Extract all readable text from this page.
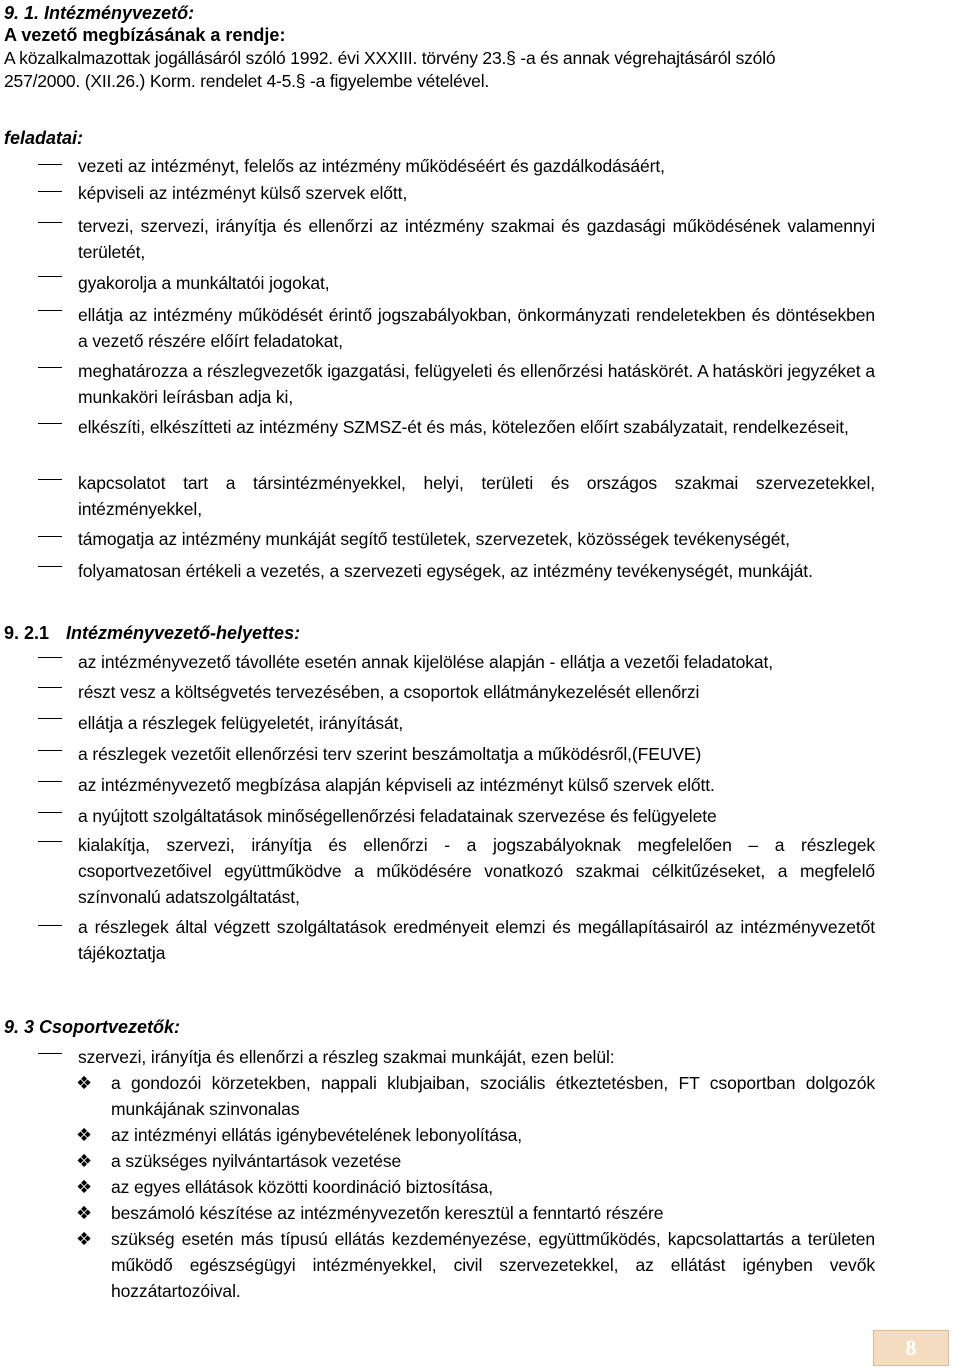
9. 1. Intézményvezető:
A vezető megbízásának a rendje:
A közalkalmazottak jogállásáról szóló 1992. évi XXXIII. törvény 23.§ -a és annak végrehajtásáról szóló
257/2000. (XII.26.) Korm. rendelet 4-5.§ -a figyelembe vételével.
feladatai:
vezeti az intézményt, felelős az intézmény működéséért és gazdálkodásáért,
képviseli az intézményt külső szervek előtt,
tervezi, szervezi, irányítja és ellenőrzi az intézmény szakmai és gazdasági működésének valamennyi területét,
gyakorolja a munkáltatói jogokat,
ellátja az intézmény működését érintő jogszabályokban, önkormányzati rendeletekben és döntésekben a vezető részére előírt feladatokat,
meghatározza a részlegvezetők igazgatási, felügyeleti és ellenőrzési hatáskörét. A hatásköri jegyzéket a munkaköri leírásban adja ki,
elkészíti, elkészítteti az intézmény SZMSZ-ét és más, kötelezően előírt szabályzatait, rendelkezéseit,
kapcsolatot tart a társintézményekkel, helyi, területi és országos szakmai szervezetekkel, intézményekkel,
támogatja az intézmény munkáját segítő testületek, szervezetek, közösségek tevékenységét,
folyamatosan értékeli a vezetés, a szervezeti egységek, az intézmény tevékenységét, munkáját.
9. 2.1 Intézményvezető-helyettes:
az intézményvezető távolléte esetén annak kijelölése alapján - ellátja a vezetői feladatokat,
részt vesz a költségvetés tervezésében, a csoportok ellátmánykezelését ellenőrzi
ellátja a részlegek felügyeletét, irányítását,
a részlegek vezetőit ellenőrzési terv szerint beszámoltatja a működésről,(FEUVE)
az intézményvezető megbízása alapján képviseli az intézményt külső szervek előtt.
a nyújtott szolgáltatások minőségellenőrzési feladatainak szervezése és felügyelete
kialakítja, szervezi, irányítja és ellenőrzi - a jogszabályoknak megfelelően – a részlegek csoportvezetőivel együttműködve a működésére vonatkozó szakmai célkitűzéseket, a megfelelő színvonalú adatszolgáltatást,
a részlegek által végzett szolgáltatások eredményeit elemzi és megállapításairól az intézményvezetőt tájékoztatja
9. 3 Csoportvezetők:
szervezi, irányítja és ellenőrzi a részleg szakmai munkáját, ezen belül:
❖ a gondozói körzetekben, nappali klubjaiban, szociális étkeztetésben, FT csoportban dolgozók munkájának szinvonalas
❖ az intézményi ellátás igénybevételének lebonyolítása,
❖ a szükséges nyilvántartások vezetése
❖ az egyes ellátások közötti koordináció biztosítása,
❖ beszámoló készítése az intézményvezetőn keresztül a fenntartó részére
❖ szükség esetén más típusú ellátás kezdeményezése, együttműködés, kapcsolattartás a területen működő egészségügyi intézményekkel, civil szervezetekkel, az ellátást igényben vevők hozzátartozóival.
8
